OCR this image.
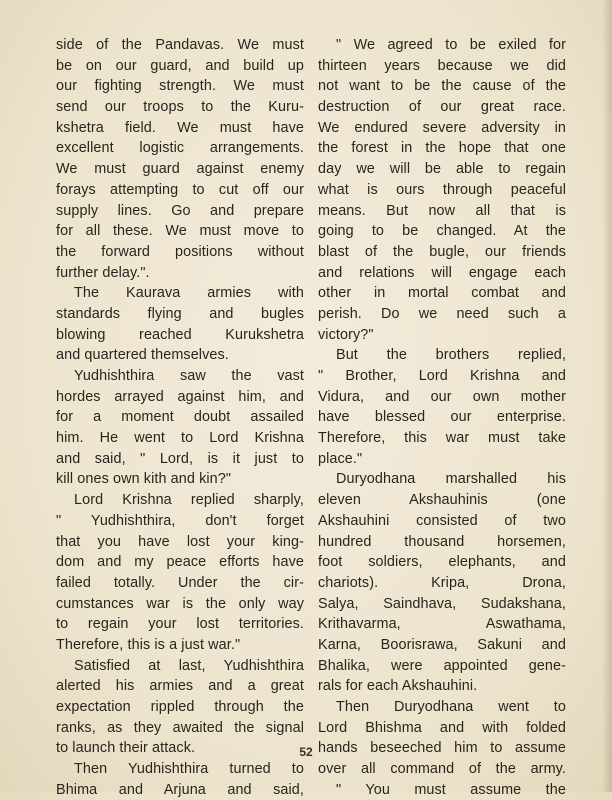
side of the Pandavas. We must
be on our guard, and build up
our fighting strength. We must
send our troops to the Kuru-
kshetra field. We must have
excellent logistic arrangements.
We must guard against enemy
forays attempting to cut off our
supply lines. Go and prepare
for all these. We must move to
the forward positions without
further delay.".
The Kaurava armies with
standards flying and bugles
blowing reached Kurukshetra
and quartered themselves.
Yudhishthira saw the vast
hordes arrayed against him, and
for a moment doubt assailed
him. He went to Lord Krishna
and said, " Lord, is it just to
kill ones own kith and kin?"
Lord Krishna replied sharply,
" Yudhishthira, don't forget
that you have lost your king-
dom and my peace efforts have
failed totally. Under the cir-
cumstances war is the only way
to regain your lost territories.
Therefore, this is a just war."
Satisfied at last, Yudhishthira
alerted his armies and a great
expectation rippled through the
ranks, as they awaited the signal
to launch their attack.
Then Yudhishthira turned to
Bhima and Arjuna and said,
" We agreed to be exiled for
thirteen years because we did
not want to be the cause of the
destruction of our great race.
We endured severe adversity in
the forest in the hope that one
day we will be able to regain
what is ours through peaceful
means. But now all that is
going to be changed. At the
blast of the bugle, our friends
and relations will engage each
other in mortal combat and
perish. Do we need such a
victory?"
But the brothers replied,
" Brother, Lord Krishna and
Vidura, and our own mother
have blessed our enterprise.
Therefore, this war must take
place."
Duryodhana marshalled his
eleven Akshauhinis (one
Akshauhini consisted of two
hundred thousand horsemen,
foot soldiers, elephants, and
chariots). Kripa, Drona,
Salya, Saindhava, Sudakshana,
Krithavarma, Aswathama,
Karna, Boorisrawa, Sakuni and
Bhalika, were appointed gene-
rals for each Akshauhini.
Then Duryodhana went to
Lord Bhishma and with folded
hands beseeched him to assume
over all command of the army.
" You must assume the
52
